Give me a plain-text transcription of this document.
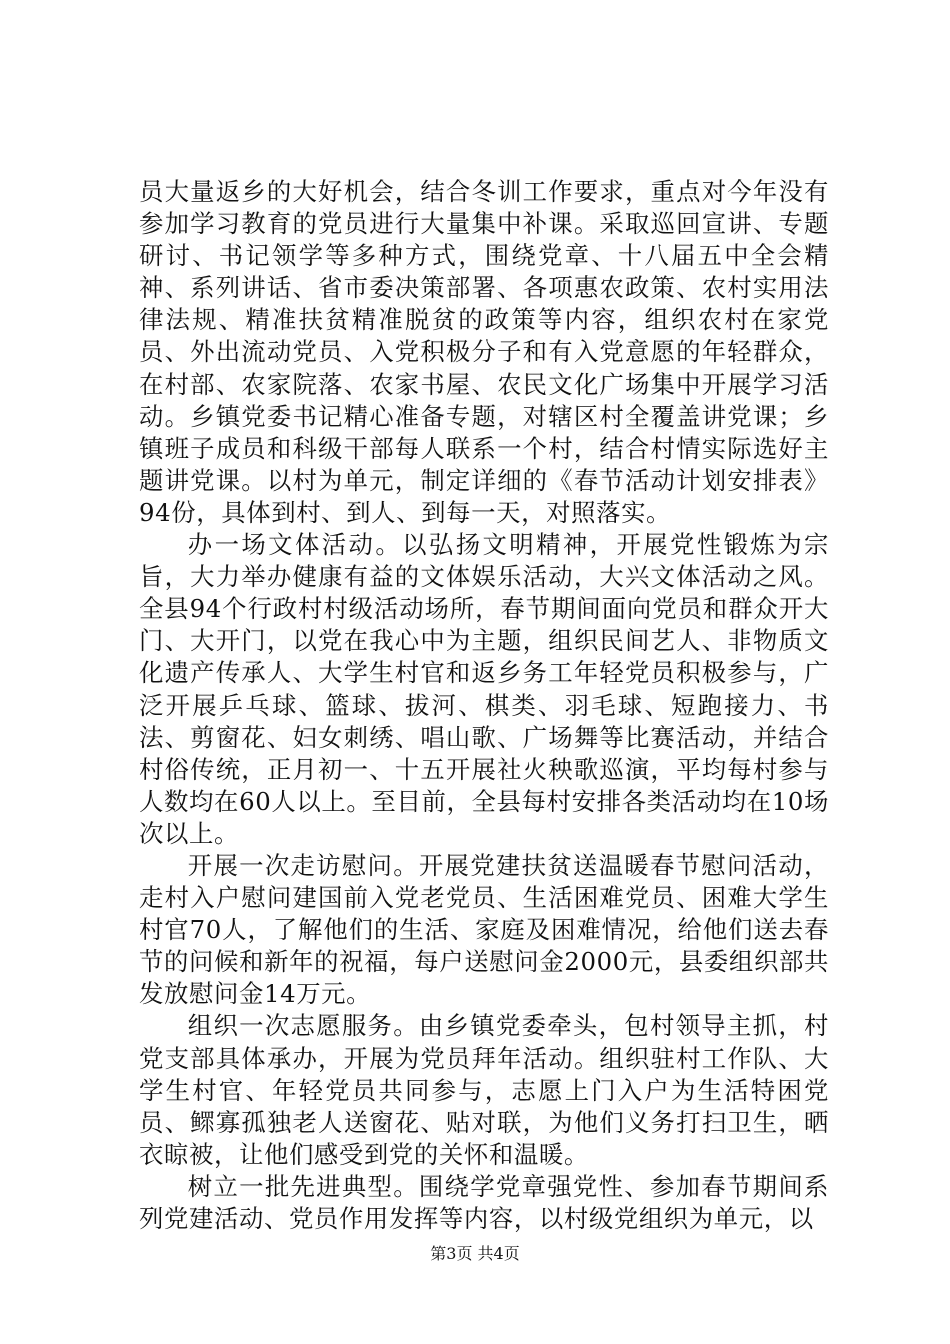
员大量返乡的大好机会，结合冬训工作要求，重点对今年没有参加学习教育的党员进行大量集中补课。采取巡回宣讲、专题研讨、书记领学等多种方式，围绕党章、十八届五中全会精神、系列讲话、省市委决策部署、各项惠农政策、农村实用法律法规、精准扶贫精准脱贫的政策等内容，组织农村在家党员、外出流动党员、入党积极分子和有入党意愿的年轻群众，在村部、农家院落、农家书屋、农民文化广场集中开展学习活动。乡镇党委书记精心准备专题，对辖区村全覆盖讲党课；乡镇班子成员和科级干部每人联系一个村，结合村情实际选好主题讲党课。以村为单元，制定详细的《春节活动计划安排表》94份，具体到村、到人、到每一天，对照落实。

办一场文体活动。以弘扬文明精神，开展党性锻炼为宗旨，大力举办健康有益的文体娱乐活动，大兴文体活动之风。全县94个行政村村级活动场所，春节期间面向党员和群众开大门、大开门，以党在我心中为主题，组织民间艺人、非物质文化遗产传承人、大学生村官和返乡务工年轻党员积极参与，广泛开展乒乓球、篮球、拔河、棋类、羽毛球、短跑接力、书法、剪窗花、妇女刺绣、唱山歌、广场舞等比赛活动，并结合村俗传统，正月初一、十五开展社火秧歌巡演，平均每村参与人数均在60人以上。至目前，全县每村安排各类活动均在10场次以上。

开展一次走访慰问。开展党建扶贫送温暖春节慰问活动，走村入户慰问建国前入党老党员、生活困难党员、困难大学生村官70人，了解他们的生活、家庭及困难情况，给他们送去春节的问候和新年的祝福，每户送慰问金2000元，县委组织部共发放慰问金14万元。

组织一次志愿服务。由乡镇党委牵头，包村领导主抓，村党支部具体承办，开展为党员拜年活动。组织驻村工作队、大学生村官、年轻党员共同参与，志愿上门入户为生活特困党员、鳏寡孤独老人送窗花、贴对联，为他们义务打扫卫生，晒衣晾被，让他们感受到党的关怀和温暖。

树立一批先进典型。围绕学党章强党性、参加春节期间系列党建活动、党员作用发挥等内容，以村级党组织为单元，以

第3页 共4页
